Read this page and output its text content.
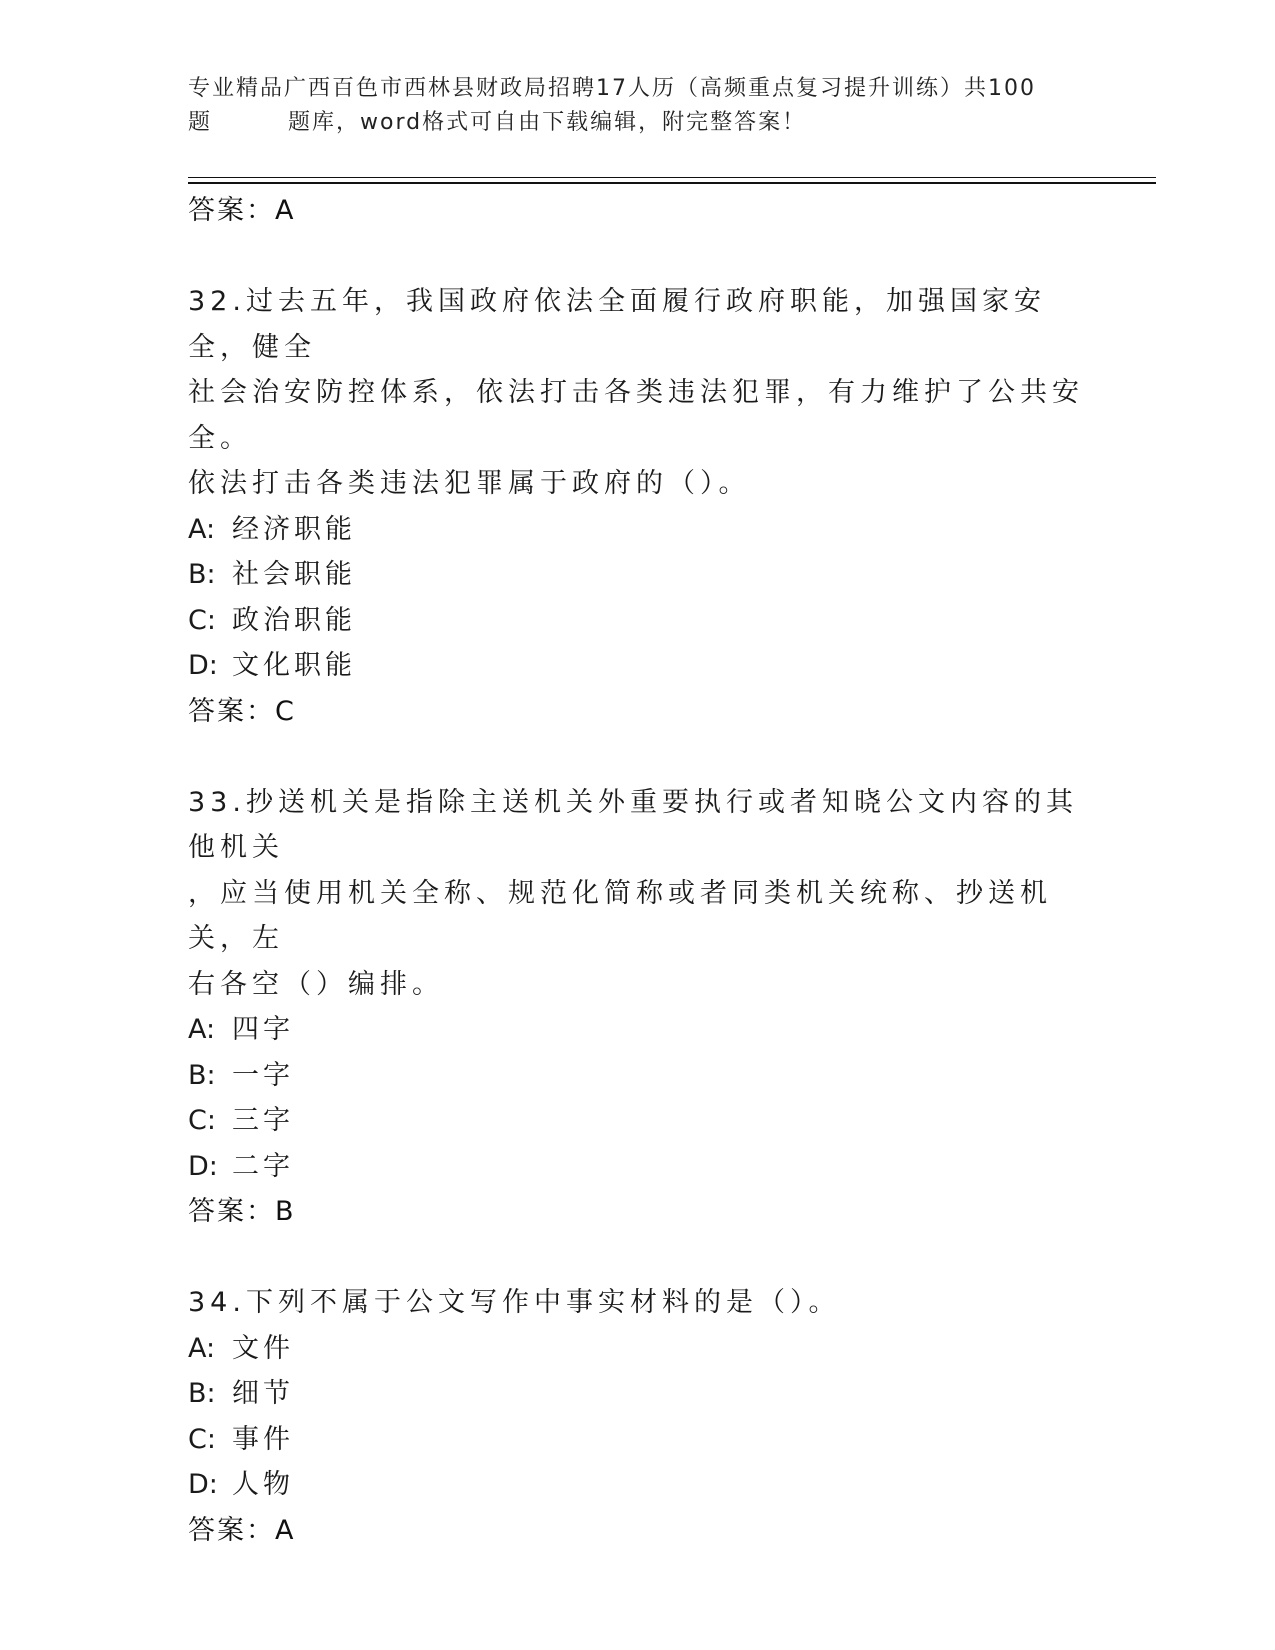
专业精品广西百色市西林县财政局招聘17人历（高频重点复习提升训练）共100
题	题库，word格式可自由下载编辑，附完整答案！
答案：A
32.过去五年，我国政府依法全面履行政府职能，加强国家安全，健全
社会治安防控体系，依法打击各类违法犯罪，有力维护了公共安全。
依法打击各类违法犯罪属于政府的（）。
A: 经济职能
B: 社会职能
C: 政治职能
D: 文化职能
答案：C
33.抄送机关是指除主送机关外重要执行或者知晓公文内容的其他机关
，应当使用机关全称、规范化简称或者同类机关统称、抄送机关，左
右各空（）编排。
A: 四字
B: 一字
C: 三字
D: 二字
答案：B
34.下列不属于公文写作中事实材料的是（）。
A: 文件
B: 细节
C: 事件
D: 人物
答案：A
